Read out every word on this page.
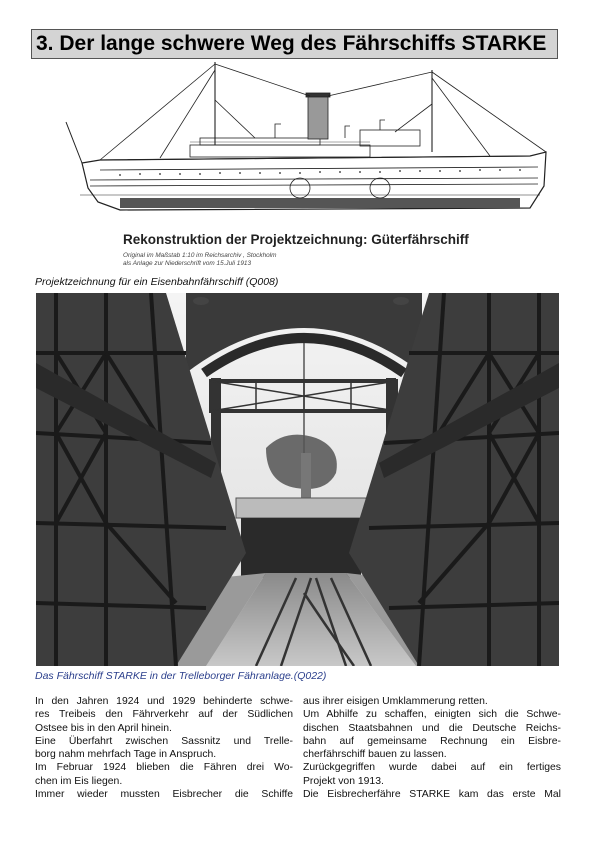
3. Der lange schwere Weg des Fährschiffs STARKE
Rekonstruktion der Projektzeichnung: Güterfährschiff
Original im Maßstab 1:10 im Reichsarchiv , Stockholm
als Anlage zur Niederschrift vom 15.Juli 1913
Projektzeichnung für ein Eisenbahnfährschiff (Q008)
Das Fährschiff STARKE in der Trelleborger Fähranlage.(Q022)
In den Jahren 1924 und 1929 behinderte schwe-
res Treibeis den Fährverkehr auf der Südlichen
Ostsee bis in den April hinein.
Eine Überfahrt zwischen Sassnitz und Trelle-
borg nahm mehrfach Tage in Anspruch.
Im Februar 1924 blieben die Fähren drei Wo-
chen im Eis liegen.
Immer wieder mussten Eisbrecher die Schiffe
aus ihrer eisigen Umklammerung retten.
Um Abhilfe zu schaffen, einigten sich die Schwe-
dischen Staatsbahnen und die Deutsche Reichs-
bahn auf gemeinsame Rechnung ein Eisbre-
cherfährschiff bauen zu lassen.
Zurückgegriffen wurde dabei auf ein fertiges
Projekt von 1913.
Die Eisbrecherfähre STARKE kam das erste Mal
